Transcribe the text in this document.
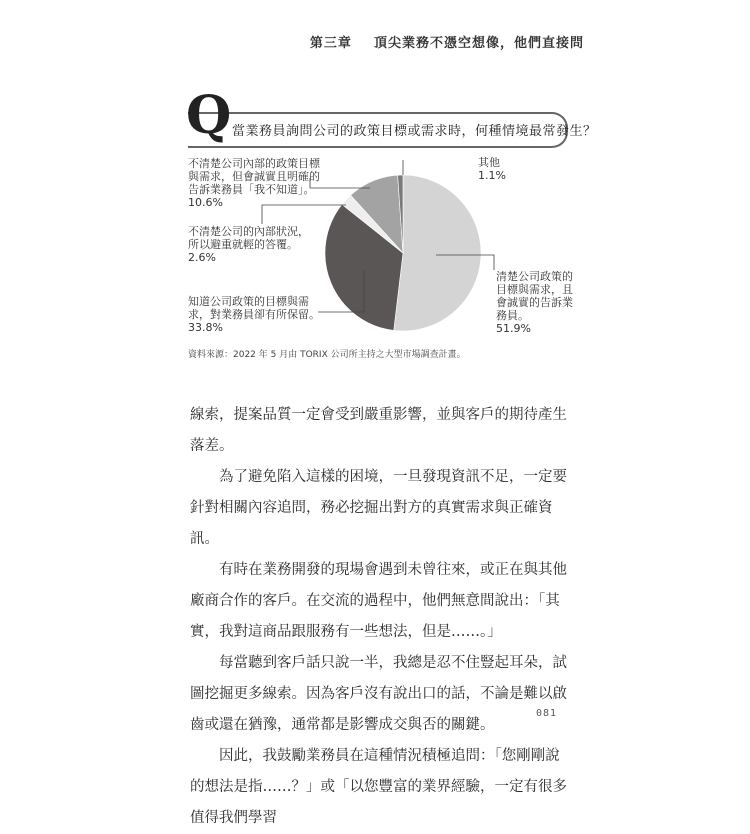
第三章 頂尖業務不憑空想像，他們直接問
Q 當業務員詢問公司的政策目標或需求時，何種情境最常發生？
不清楚公司內部的政策目標
與需求，但會誠實且明確的
告訴業務員「我不知道」。
10.6%
不清楚公司的內部狀況，
所以避重就輕的答覆。
2.6%
知道公司政策的目標與需
求，對業務員卻有所保留。
33.8%
其他
1.1%
清楚公司政策的
目標與需求，且
會誠實的告訴業
務員。
51.9%
資料來源：2022 年 5 月由 TORIX 公司所主持之大型市場調查計畫。

線索，提案品質一定會受到嚴重影響，並與客戶的期待產生落差。

為了避免陷入這樣的困境，一旦發現資訊不足，一定要針對相關內容追問，務必挖掘出對方的真實需求與正確資訊。

有時在業務開發的現場會遇到未曾往來，或正在與其他廠商合作的客戶。在交流的過程中，他們無意間說出：「其實，我對這商品跟服務有一些想法，但是……。」

每當聽到客戶話只說一半，我總是忍不住豎起耳朵，試圖挖掘更多線索。因為客戶沒有說出口的話，不論是難以啟齒或還在猶豫，通常都是影響成交與否的關鍵。

因此，我鼓勵業務員在這種情況積極追問：「您剛剛說的想法是指……？」或「以您豐富的業界經驗，一定有很多值得我們學習

081
